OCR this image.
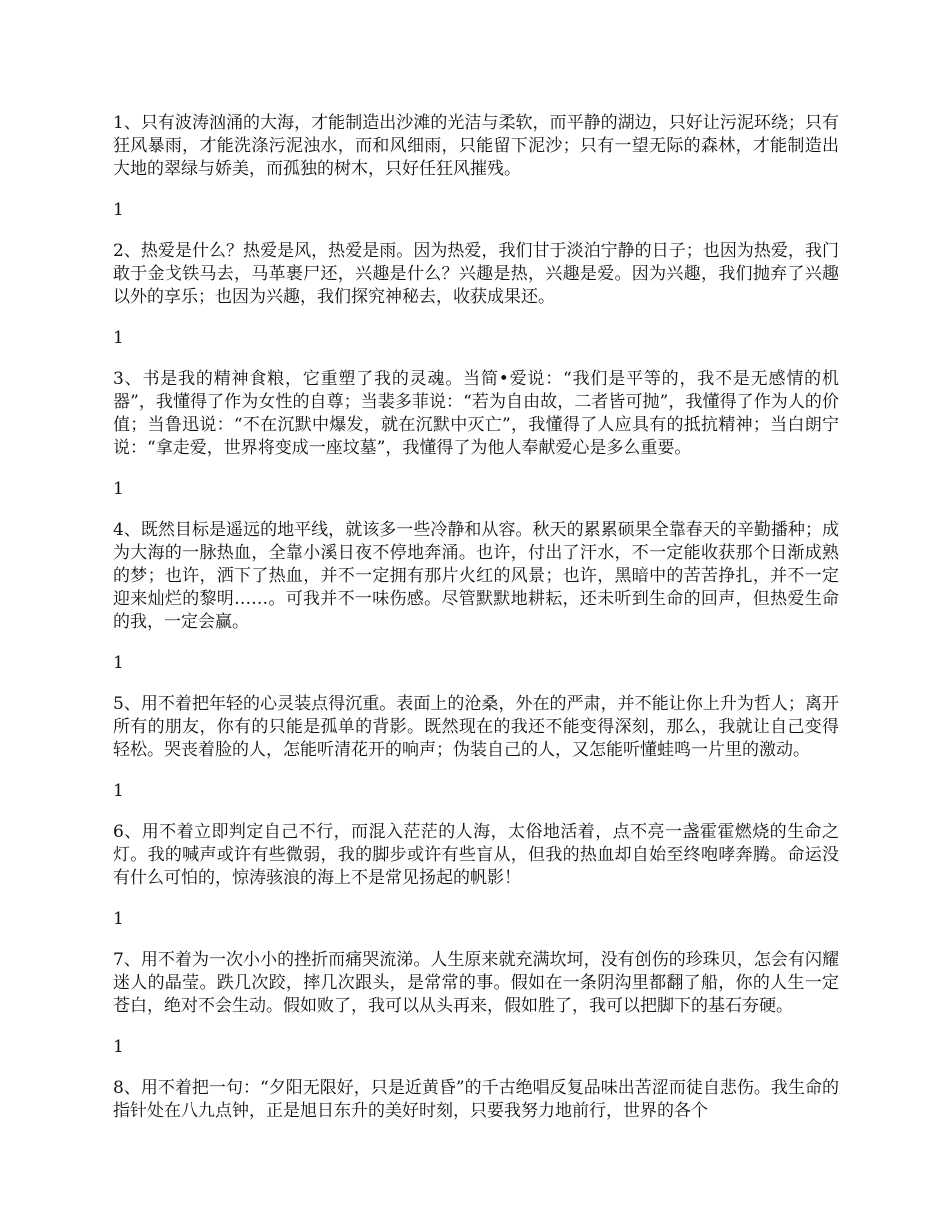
1、只有波涛汹涌的大海，才能制造出沙滩的光洁与柔软，而平静的湖边，只好让污泥环绕；只有狂风暴雨，才能洗涤污泥浊水，而和风细雨，只能留下泥沙；只有一望无际的森林，才能制造出大地的翠绿与娇美，而孤独的树木，只好任狂风摧残。

1

2、热爱是什么？热爱是风，热爱是雨。因为热爱，我们甘于淡泊宁静的日子；也因为热爱，我门敢于金戈铁马去，马革裹尸还，兴趣是什么？兴趣是热，兴趣是爱。因为兴趣，我们抛弃了兴趣以外的享乐；也因为兴趣，我们探究神秘去，收获成果还。

1

3、书是我的精神食粮，它重塑了我的灵魂。当简•爱说：“我们是平等的，我不是无感情的机器”，我懂得了作为女性的自尊；当裴多菲说：“若为自由故，二者皆可抛”，我懂得了作为人的价值；当鲁迅说：“不在沉默中爆发，就在沉默中灭亡”，我懂得了人应具有的抵抗精神；当白朗宁说：“拿走爱，世界将变成一座坟墓”，我懂得了为他人奉献爱心是多么重要。

1

4、既然目标是遥远的地平线，就该多一些冷静和从容。秋天的累累硕果全靠春天的辛勤播种；成为大海的一脉热血，全靠小溪日夜不停地奔涌。也许，付出了汗水，不一定能收获那个日渐成熟的梦；也许，洒下了热血，并不一定拥有那片火红的风景；也许，黑暗中的苦苦挣扎，并不一定迎来灿烂的黎明……。可我并不一味伤感。尽管默默地耕耘，还未听到生命的回声，但热爱生命的我，一定会赢。

1

5、用不着把年轻的心灵装点得沉重。表面上的沧桑，外在的严肃，并不能让你上升为哲人；离开所有的朋友，你有的只能是孤单的背影。既然现在的我还不能变得深刻，那么，我就让自己变得轻松。哭丧着脸的人，怎能听清花开的响声；伪装自己的人，又怎能听懂蛙鸣一片里的激动。

1

6、用不着立即判定自己不行，而混入茫茫的人海，太俗地活着，点不亮一盏霍霍燃烧的生命之灯。我的喊声或许有些微弱，我的脚步或许有些盲从，但我的热血却自始至终咆哮奔腾。命运没有什么可怕的，惊涛骇浪的海上不是常见扬起的帆影！

1

7、用不着为一次小小的挫折而痛哭流涕。人生原来就充满坎坷，没有创伤的珍珠贝，怎会有闪耀迷人的晶莹。跌几次跤，摔几次跟头，是常常的事。假如在一条阴沟里都翻了船，你的人生一定苍白，绝对不会生动。假如败了，我可以从头再来，假如胜了，我可以把脚下的基石夯硬。

1

8、用不着把一句：“夕阳无限好，只是近黄昏”的千古绝唱反复品味出苦涩而徒自悲伤。我生命的指针处在八九点钟，正是旭日东升的美好时刻，只要我努力地前行，世界的各个
